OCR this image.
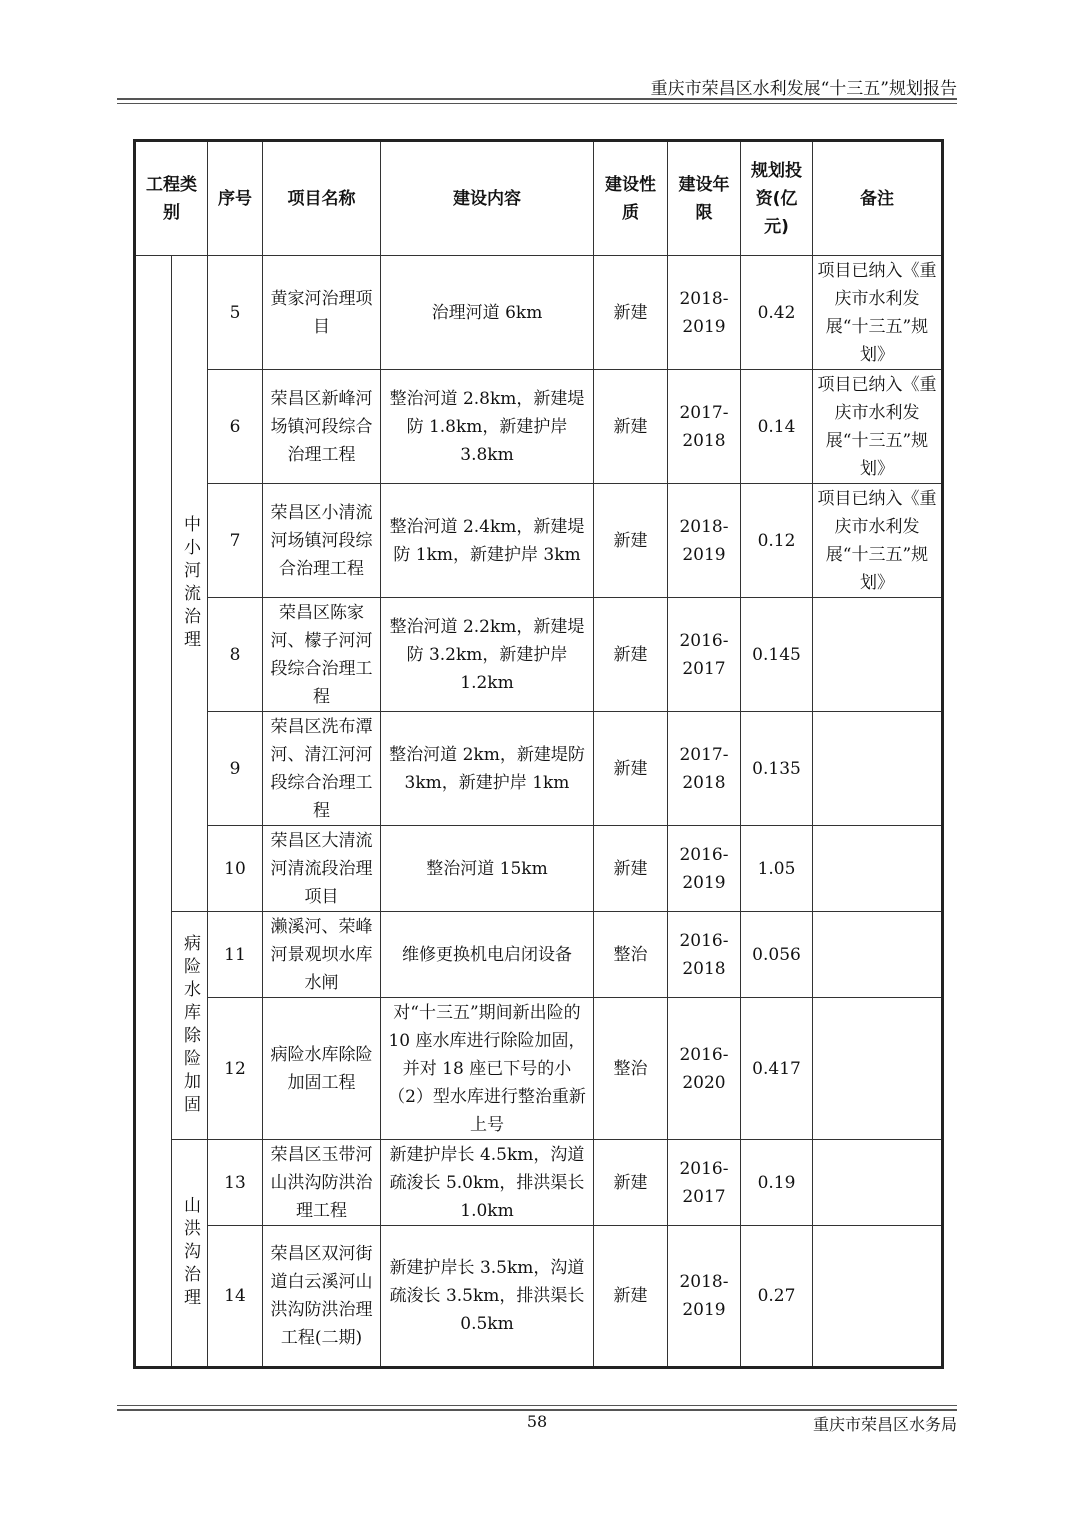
重庆市荣昌区水利发展“十三五”规划报告
工程类别		序号	项目名称	建设内容	建设性质	建设年限	规划投资(亿元)	备注

	中小河流治理	5	黄家河治理项目	治理河道 6km	新建	2018-2019	0.42	项目已纳入《重庆市水利发展“十三五”规划》
		6	荣昌区新峰河场镇河段综合治理工程	整治河道 2.8km，新建堤防 1.8km，新建护岸 3.8km	新建	2017-2018	0.14	项目已纳入《重庆市水利发展“十三五”规划》
		7	荣昌区小清流河场镇河段综合治理工程	整治河道 2.4km，新建堤防 1km，新建护岸 3km	新建	2018-2019	0.12	项目已纳入《重庆市水利发展“十三五”规划》
		8	荣昌区陈家河、檬子河河段综合治理工程	整治河道 2.2km，新建堤防 3.2km，新建护岸 1.2km	新建	2016-2017	0.145	
		9	荣昌区洗布潭河、清江河河段综合治理工程	整治河道 2km，新建堤防 3km，新建护岸 1km	新建	2017-2018	0.135	
		10	荣昌区大清流河清流段治理项目	整治河道 15km	新建	2016-2019	1.05	

	病险水库除险加固	11	濑溪河、荣峰河景观坝水库水闸	维修更换机电启闭设备	整治	2016-2018	0.056	
		12	病险水库除险加固工程	对“十三五”期间新出险的 10 座水库进行除险加固，并对 18 座已下号的小（2）型水库进行整治重新上号	整治	2016-2020	0.417	

	山洪沟治理	13	荣昌区玉带河山洪沟防洪治理工程	新建护岸长 4.5km，沟道疏浚长 5.0km，排洪渠长 1.0km	新建	2016-2017	0.19	
		14	荣昌区双河街道白云溪河山洪沟防洪治理工程(二期)	新建护岸长 3.5km，沟道疏浚长 3.5km，排洪渠长 0.5km	新建	2018-2019	0.27	
58	重庆市荣昌区水务局
